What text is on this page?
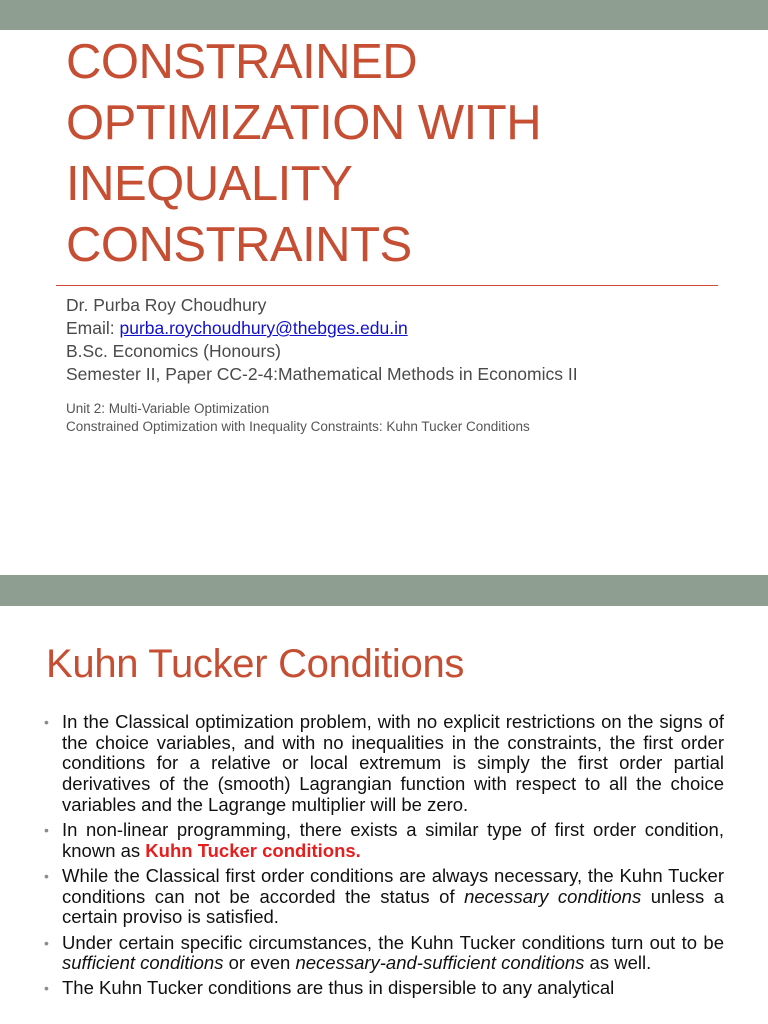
CONSTRAINED
OPTIMIZATION WITH
INEQUALITY
CONSTRAINTS
Dr. Purba Roy Choudhury
Email: purba.roychoudhury@thebges.edu.in
B.Sc. Economics (Honours)
Semester II, Paper CC-2-4:Mathematical Methods in Economics II
Unit 2: Multi-Variable Optimization
Constrained Optimization with Inequality Constraints: Kuhn Tucker Conditions
Kuhn Tucker Conditions
• In the Classical optimization problem, with no explicit restrictions on the signs of the choice variables, and with no inequalities in the constraints, the first order conditions for a relative or local extremum is simply the first order partial derivatives of the (smooth) Lagrangian function with respect to all the choice variables and the Lagrange multiplier will be zero.
• In non-linear programming, there exists a similar type of first order condition, known as Kuhn Tucker conditions.
• While the Classical first order conditions are always necessary, the Kuhn Tucker conditions can not be accorded the status of necessary conditions unless a certain proviso is satisfied.
• Under certain specific circumstances, the Kuhn Tucker conditions turn out to be sufficient conditions or even necessary-and-sufficient conditions as well.
• The Kuhn Tucker conditions are thus in dispersible to any analytical
